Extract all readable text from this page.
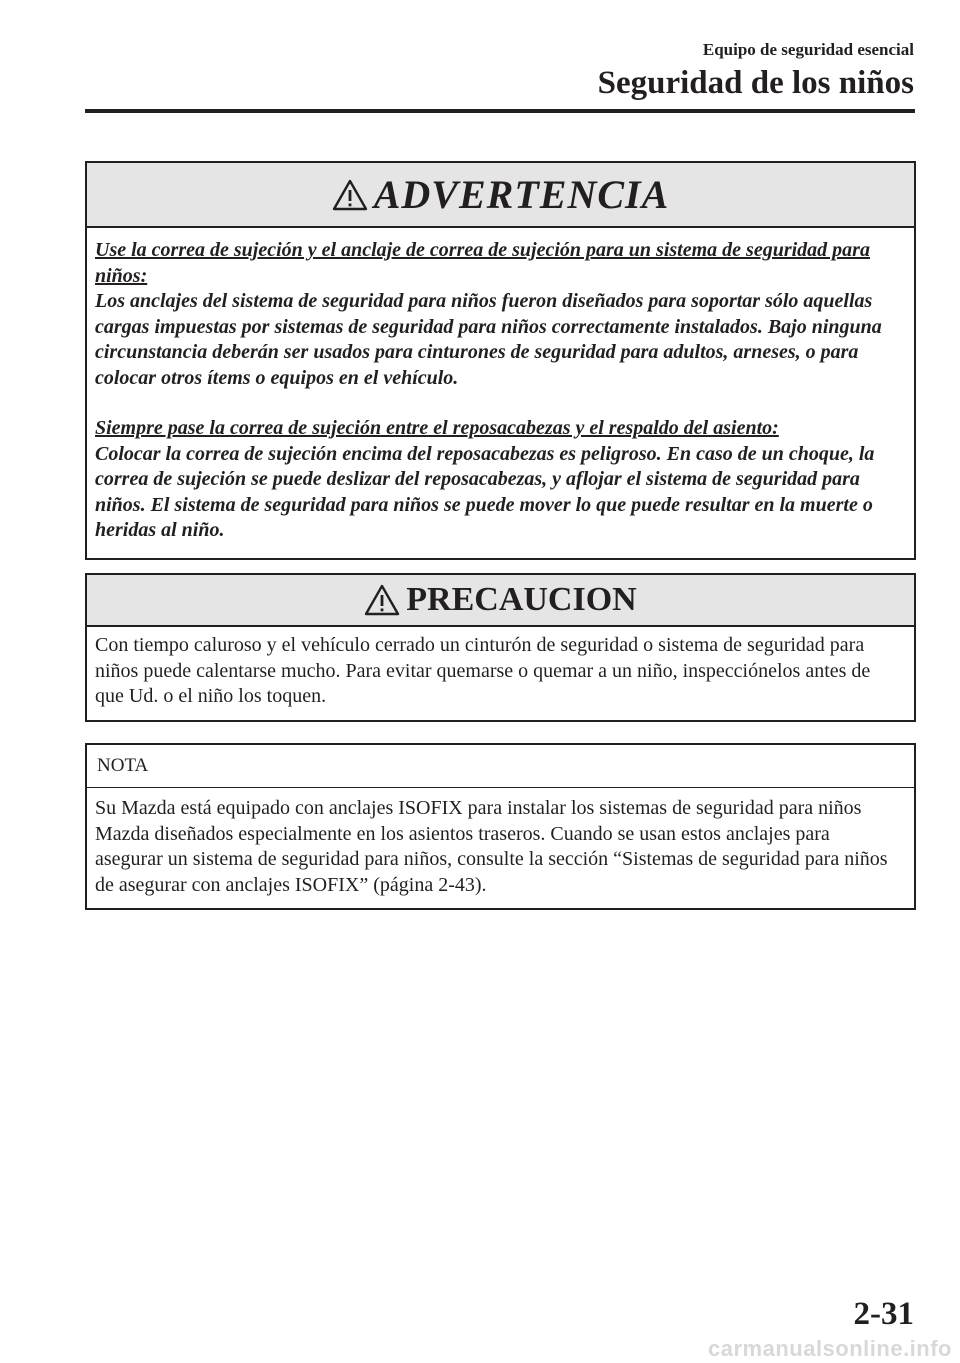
Equipo de seguridad esencial
Seguridad de los niños
ADVERTENCIA
Use la correa de sujeción y el anclaje de correa de sujeción para un sistema de seguridad para niños:
Los anclajes del sistema de seguridad para niños fueron diseñados para soportar sólo aquellas cargas impuestas por sistemas de seguridad para niños correctamente instalados. Bajo ninguna circunstancia deberán ser usados para cinturones de seguridad para adultos, arneses, o para colocar otros ítems o equipos en el vehículo.
Siempre pase la correa de sujeción entre el reposacabezas y el respaldo del asiento:
Colocar la correa de sujeción encima del reposacabezas es peligroso. En caso de un choque, la correa de sujeción se puede deslizar del reposacabezas, y aflojar el sistema de seguridad para niños. El sistema de seguridad para niños se puede mover lo que puede resultar en la muerte o heridas al niño.
PRECAUCION
Con tiempo caluroso y el vehículo cerrado un cinturón de seguridad o sistema de seguridad para niños puede calentarse mucho. Para evitar quemarse o quemar a un niño, inspecciónelos antes de que Ud. o el niño los toquen.
NOTA
Su Mazda está equipado con anclajes ISOFIX para instalar los sistemas de seguridad para niños Mazda diseñados especialmente en los asientos traseros. Cuando se usan estos anclajes para asegurar un sistema de seguridad para niños, consulte la sección “Sistemas de seguridad para niños de asegurar con anclajes ISOFIX” (página 2-43).
2-31
carmanualsonline.info
